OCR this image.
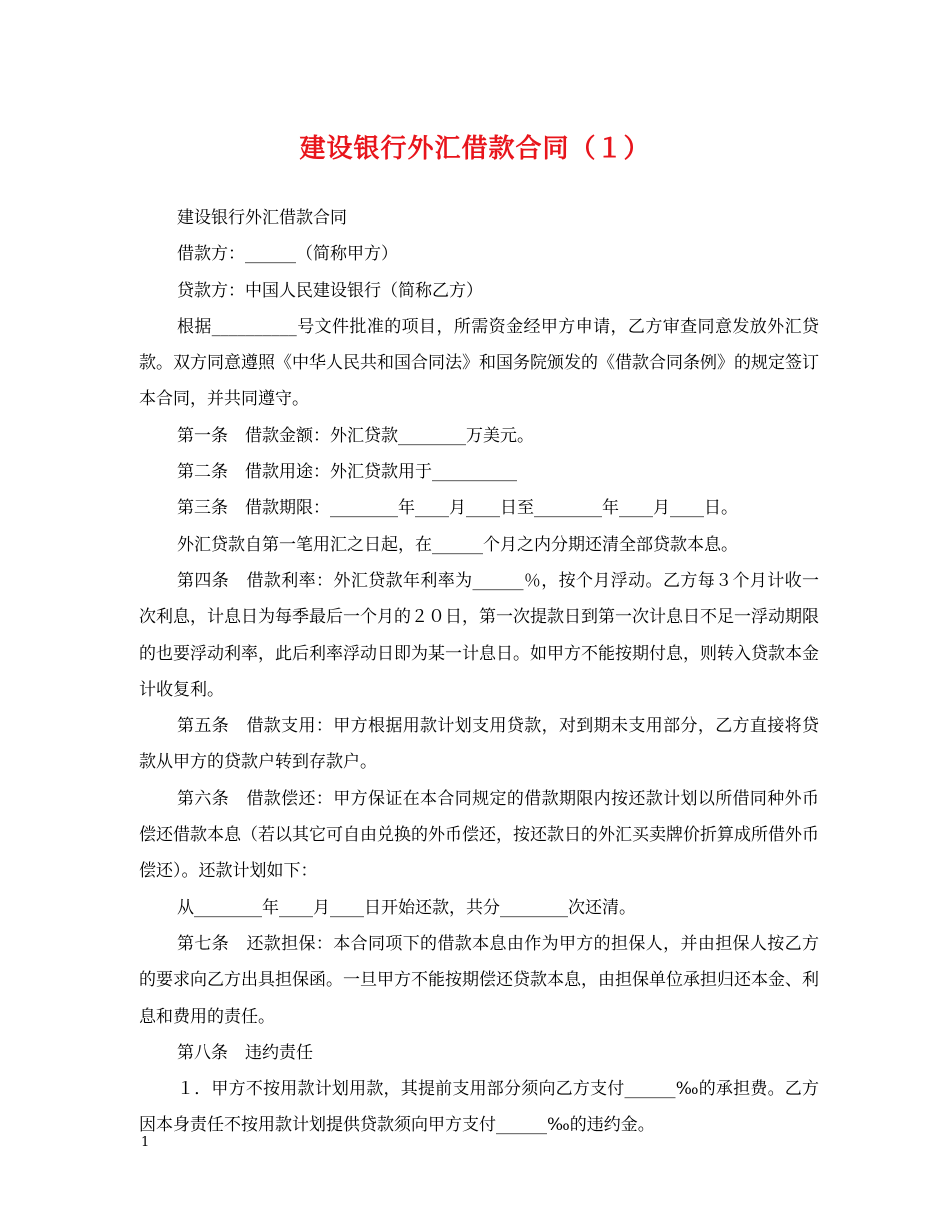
建设银行外汇借款合同（１）

建设银行外汇借款合同

借款方：______（简称甲方）

贷款方：中国人民建设银行（简称乙方）

根据__________号文件批准的项目，所需资金经甲方申请，乙方审查同意发放外汇贷款。双方同意遵照《中华人民共和国合同法》和国务院颁发的《借款合同条例》的规定签订本合同，并共同遵守。

第一条　借款金额：外汇贷款________万美元。

第二条　借款用途：外汇贷款用于__________

第三条　借款期限：________年____月____日至________年____月____日。

外汇贷款自第一笔用汇之日起，在______个月之内分期还清全部贷款本息。

第四条　借款利率：外汇贷款年利率为______％，按个月浮动。乙方每３个月计收一次利息，计息日为每季最后一个月的２０日，第一次提款日到第一次计息日不足一浮动期限的也要浮动利率，此后利率浮动日即为某一计息日。如甲方不能按期付息，则转入贷款本金计收复利。

第五条　借款支用：甲方根据用款计划支用贷款，对到期未支用部分，乙方直接将贷款从甲方的贷款户转到存款户。

第六条　借款偿还：甲方保证在本合同规定的借款期限内按还款计划以所借同种外币偿还借款本息（若以其它可自由兑换的外币偿还，按还款日的外汇买卖牌价折算成所借外币偿还）。还款计划如下：

从________年____月____日开始还款，共分________次还清。

第七条　还款担保：本合同项下的借款本息由作为甲方的担保人，并由担保人按乙方的要求向乙方出具担保函。一旦甲方不能按期偿还贷款本息，由担保单位承担归还本金、利息和费用的责任。

第八条　违约责任

１．甲方不按用款计划用款，其提前支用部分须向乙方支付______‰的承担费。乙方因本身责任不按用款计划提供贷款须向甲方支付______‰的违约金。

1
